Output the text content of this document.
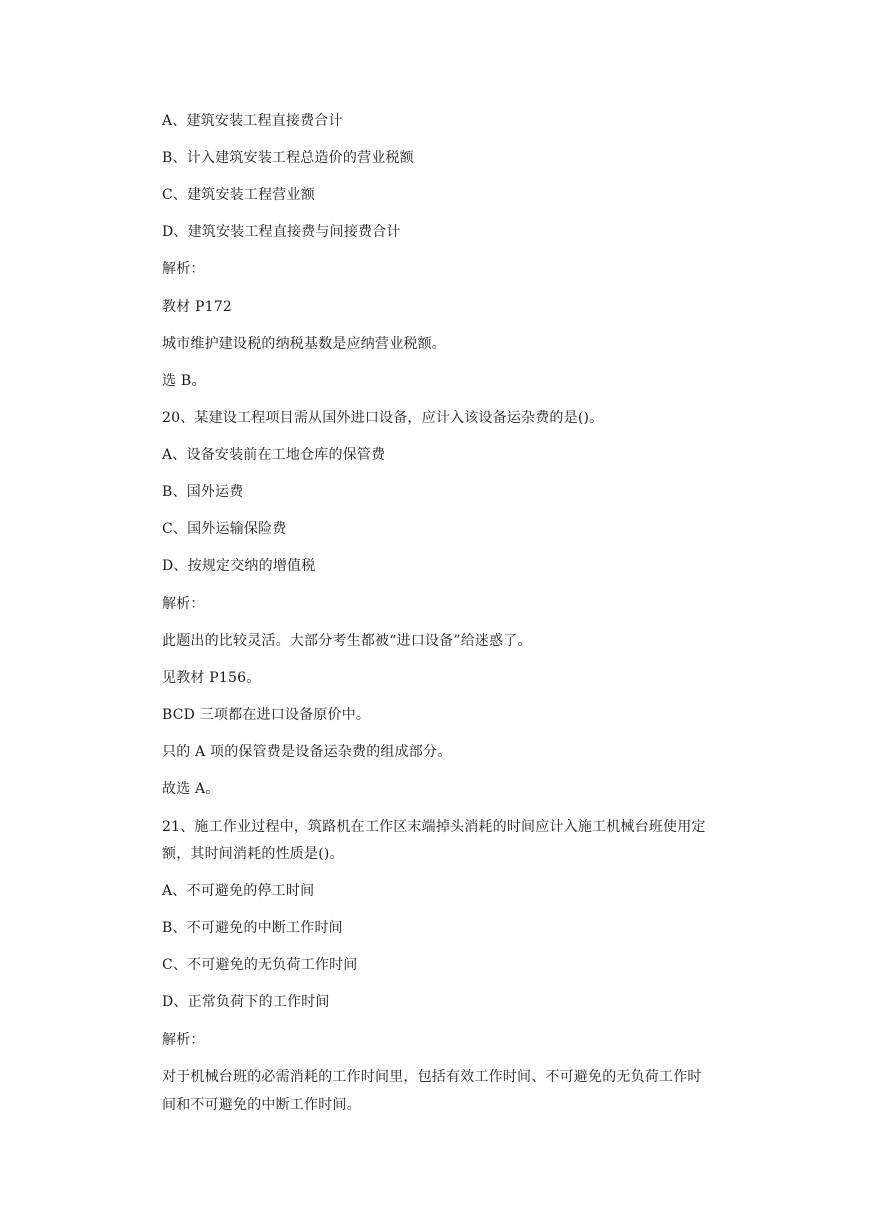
A、建筑安装工程直接费合计
B、计入建筑安装工程总造价的营业税额
C、建筑安装工程营业额
D、建筑安装工程直接费与间接费合计
解析：
教材 P172
城市维护建设税的纳税基数是应纳营业税额。
选 B。
20、某建设工程项目需从国外进口设备，应计入该设备运杂费的是()。
A、设备安装前在工地仓库的保管费
B、国外运费
C、国外运输保险费
D、按规定交纳的增值税
解析：
此题出的比较灵活。大部分考生都被“进口设备”给迷惑了。
见教材 P156。
BCD 三项都在进口设备原价中。
只的 A 项的保管费是设备运杂费的组成部分。
故选 A。
21、施工作业过程中，筑路机在工作区末端掉头消耗的时间应计入施工机械台班使用定
额，其时间消耗的性质是()。
A、不可避免的停工时间
B、不可避免的中断工作时间
C、不可避免的无负荷工作时间
D、正常负荷下的工作时间
解析：
对于机械台班的必需消耗的工作时间里，包括有效工作时间、不可避免的无负荷工作时
间和不可避免的中断工作时间。
